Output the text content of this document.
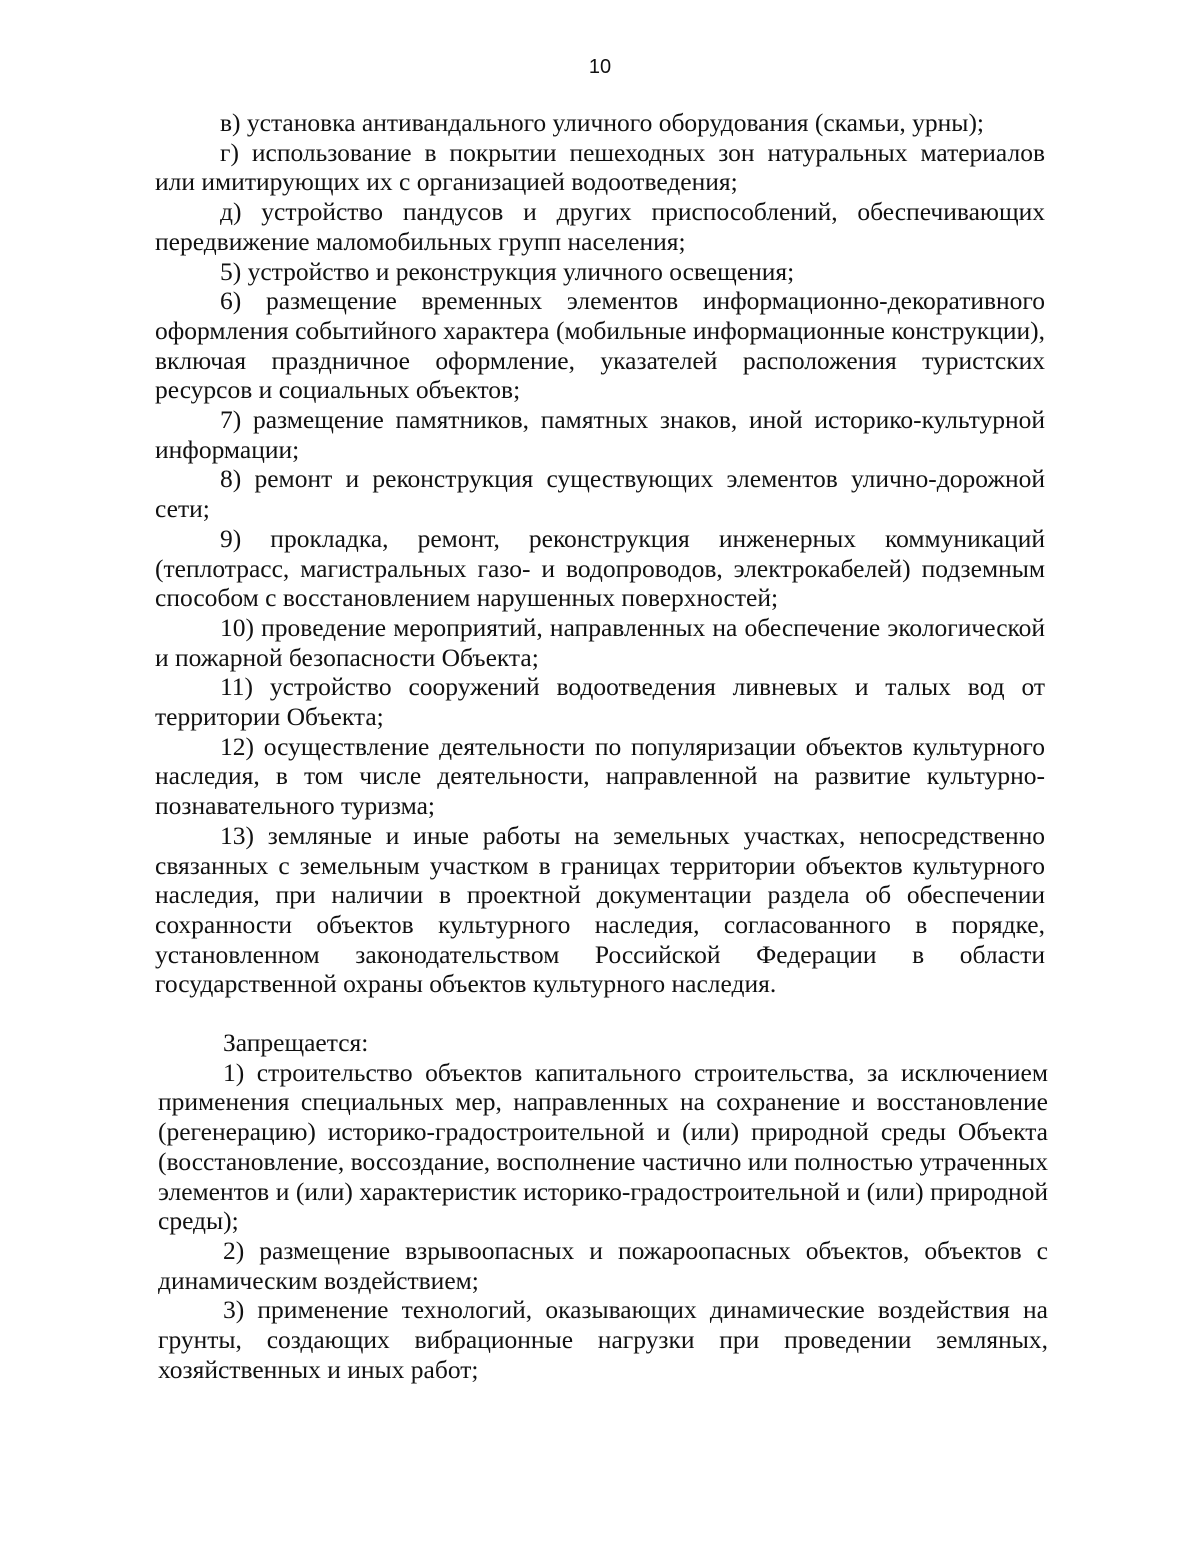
10

в) установка антивандального уличного оборудования (скамьи, урны);

г) использование в покрытии пешеходных зон натуральных материалов или имитирующих их с организацией водоотведения;

д) устройство пандусов и других приспособлений, обеспечивающих передвижение маломобильных групп населения;

5) устройство и реконструкция уличного освещения;

6) размещение временных элементов информационно-декоративного оформления событийного характера (мобильные информационные конструкции), включая праздничное оформление, указателей расположения туристских ресурсов и социальных объектов;

7) размещение памятников, памятных знаков, иной историко-культурной информации;

8) ремонт и реконструкция существующих элементов улично-дорожной сети;

9) прокладка, ремонт, реконструкция инженерных коммуникаций (теплотрасс, магистральных газо- и водопроводов, электрокабелей) подземным способом с восстановлением нарушенных поверхностей;

10) проведение мероприятий, направленных на обеспечение экологической и пожарной безопасности Объекта;

11) устройство сооружений водоотведения ливневых и талых вод от территории Объекта;

12) осуществление деятельности по популяризации объектов культурного наследия, в том числе деятельности, направленной на развитие культурно-познавательного туризма;

13) земляные и иные работы на земельных участках, непосредственно связанных с земельным участком в границах территории объектов культурного наследия, при наличии в проектной документации раздела об обеспечении сохранности объектов культурного наследия, согласованного в порядке, установленном законодательством Российской Федерации в области государственной охраны объектов культурного наследия.

Запрещается:

1) строительство объектов капитального строительства, за исключением применения специальных мер, направленных на сохранение и восстановление (регенерацию) историко-градостроительной и (или) природной среды Объекта (восстановление, воссоздание, восполнение частично или полностью утраченных элементов и (или) характеристик историко-градостроительной и (или) природной среды);

2) размещение взрывоопасных и пожароопасных объектов, объектов с динамическим воздействием;

3) применение технологий, оказывающих динамические воздействия на грунты, создающих вибрационные нагрузки при проведении земляных, хозяйственных и иных работ;
